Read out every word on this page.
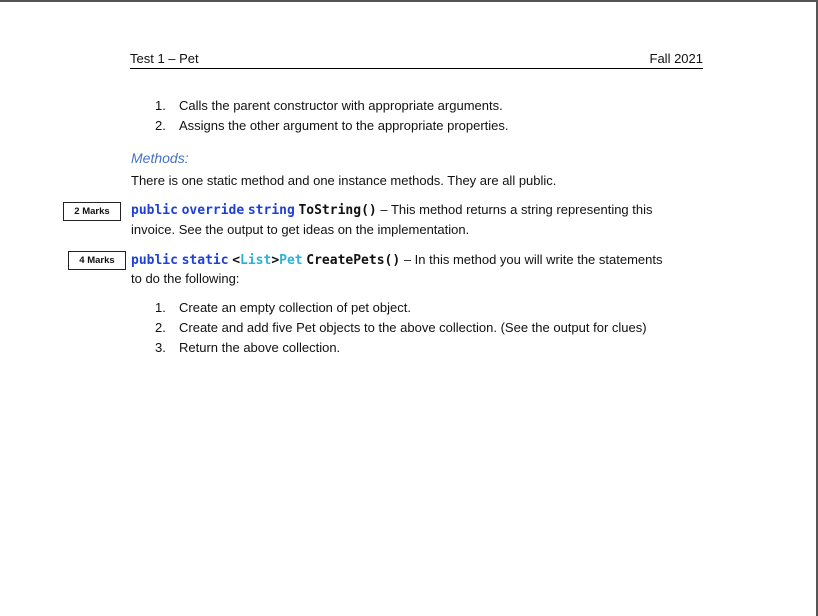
Test 1 – Pet	Fall 2021
1. Calls the parent constructor with appropriate arguments.
2. Assigns the other argument to the appropriate properties.
Methods:
There is one static method and one instance methods. They are all public.
2 Marks	public override string ToString() – This method returns a string representing this
invoice. See the output to get ideas on the implementation.
4 Marks	public static <List>Pet CreatePets() – In this method you will write the statements
to do the following:
1. Create an empty collection of pet object.
2. Create and add five Pet objects to the above collection. (See the output for clues)
3. Return the above collection.
